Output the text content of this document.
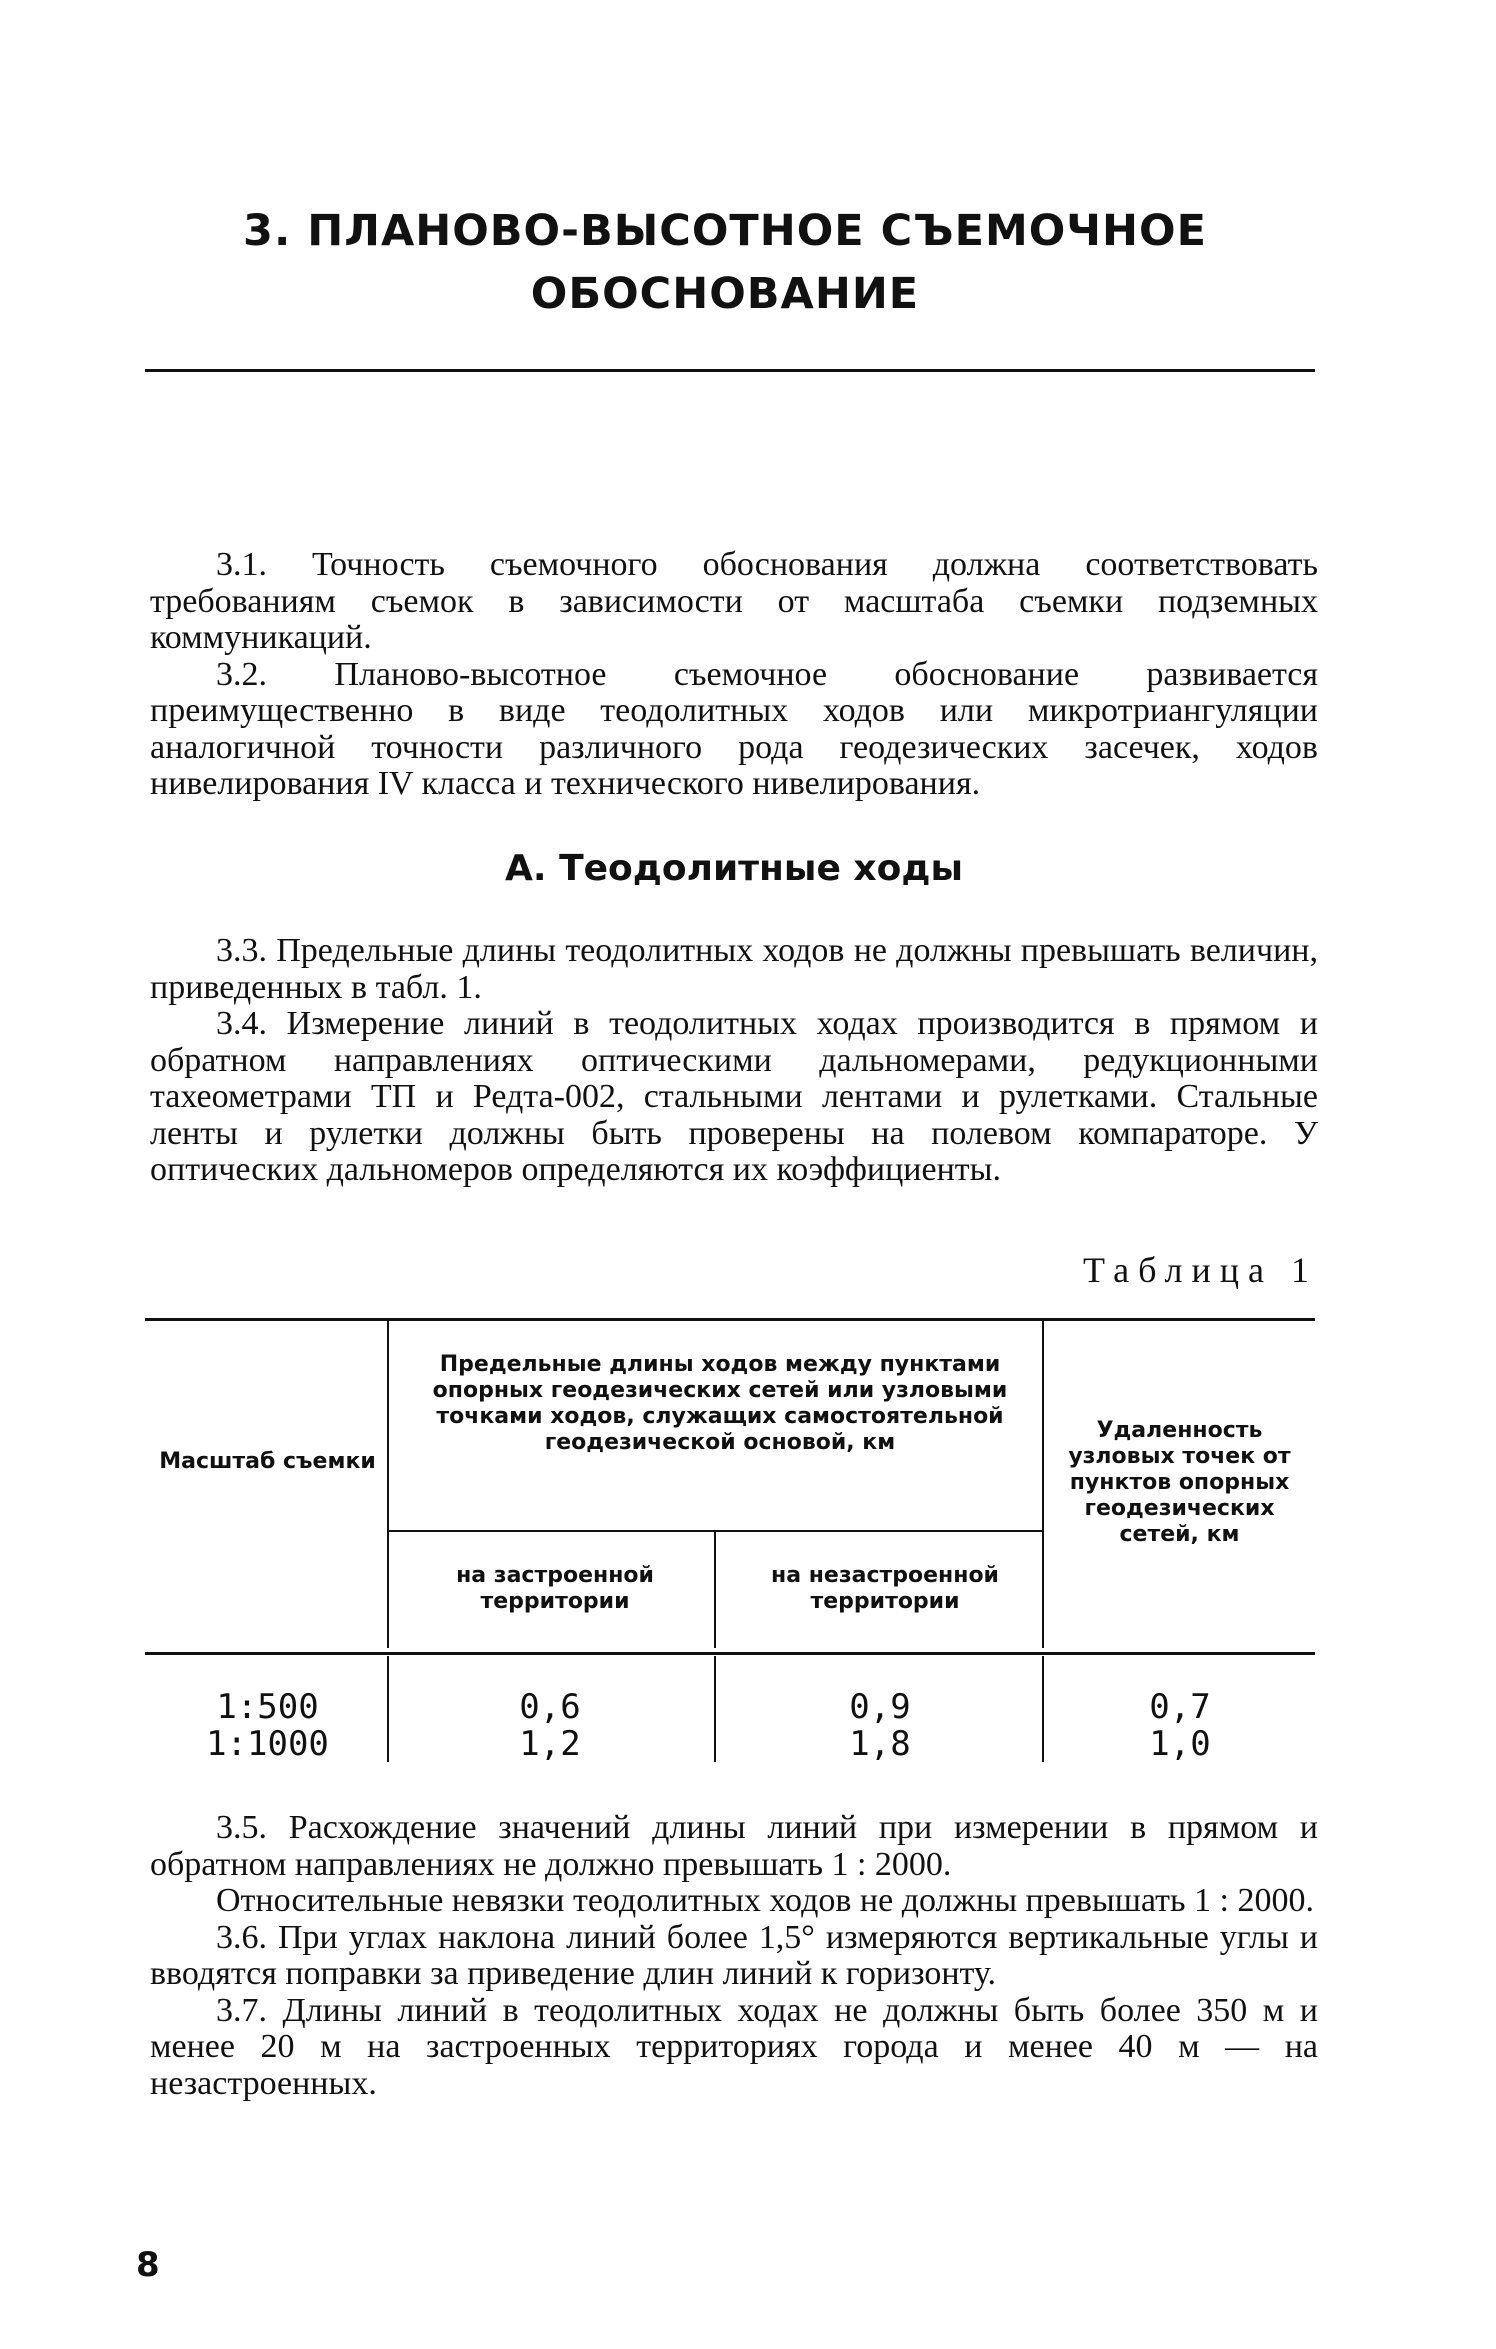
3. ПЛАНОВО-ВЫСОТНОЕ СЪЕМОЧНОЕ
ОБОСНОВАНИЕ

3.1. Точность съемочного обоснования должна соответствовать требованиям съемок в зависимости от масштаба съемки подземных коммуникаций.

3.2. Планово-высотное съемочное обоснование развивается преимущественно в виде теодолитных ходов или микротриангуляции аналогичной точности различного рода геодезических засечек, ходов нивелирования IV класса и технического нивелирования.

А. Теодолитные ходы

3.3. Предельные длины теодолитных ходов не должны превышать величин, приведенных в табл. 1.

3.4. Измерение линий в теодолитных ходах производится в прямом и обратном направлениях оптическими дальномерами, редукционными тахеометрами ТП и Редта-002, стальными лентами и рулетками. Стальные ленты и рулетки должны быть проверены на полевом компараторе. У оптических дальномеров определяются их коэффициенты.

Таблица 1
Масштаб съемки
Предельные длины ходов между пунктами опорных геодезических сетей или узловыми точками ходов, служащих самостоятельной геодезической основой, км
на застроенной территории
на незастроенной территории
Удаленность узловых точек от пунктов опорных геодезических сетей, км
1:500	0,6	0,9	0,7
1:1000	1,2	1,8	1,0

3.5. Расхождение значений длины линий при измерении в прямом и обратном направлениях не должно превышать 1 : 2000.

Относительные невязки теодолитных ходов не должны превышать 1 : 2000.

3.6. При углах наклона линий более 1,5° измеряются вертикальные углы и вводятся поправки за приведение длин линий к горизонту.

3.7. Длины линий в теодолитных ходах не должны быть более 350 м и менее 20 м на застроенных территориях города и менее 40 м — на незастроенных.

8
